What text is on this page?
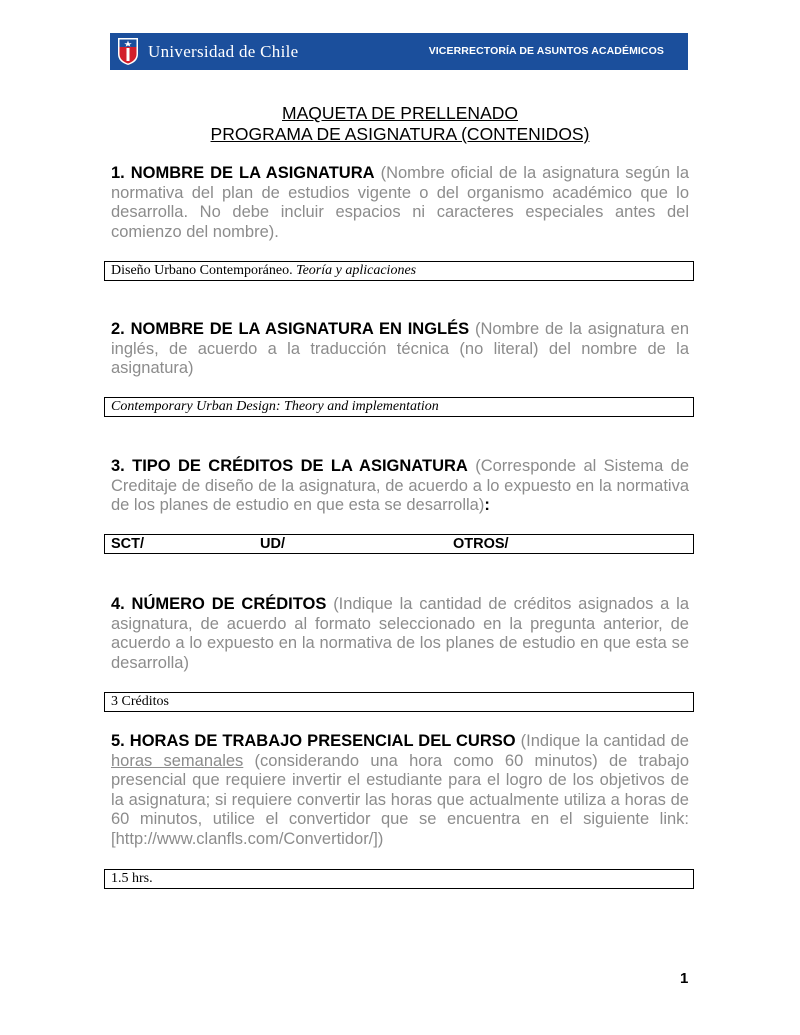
Universidad de Chile	VICERRECTORÍA DE ASUNTOS ACADÉMICOS
MAQUETA DE PRELLENADO
PROGRAMA DE ASIGNATURA (CONTENIDOS)
1. NOMBRE DE LA ASIGNATURA (Nombre oficial de la asignatura según la normativa del plan de estudios vigente o del organismo académico que lo desarrolla. No debe incluir espacios ni caracteres especiales antes del comienzo del nombre).
Diseño Urbano Contemporáneo. Teoría y aplicaciones
2. NOMBRE DE LA ASIGNATURA EN INGLÉS (Nombre de la asignatura en inglés, de acuerdo a la traducción técnica (no literal) del nombre de la asignatura)
Contemporary Urban Design: Theory and implementation
3. TIPO DE CRÉDITOS DE LA ASIGNATURA (Corresponde al Sistema de Creditaje de diseño de la asignatura, de acuerdo a lo expuesto en la normativa de los planes de estudio en que esta se desarrolla):
SCT/	UD/	OTROS/
4. NÚMERO DE CRÉDITOS (Indique la cantidad de créditos asignados a la asignatura, de acuerdo al formato seleccionado en la pregunta anterior, de acuerdo a lo expuesto en la normativa de los planes de estudio en que esta se desarrolla)
3 Créditos
5. HORAS DE TRABAJO PRESENCIAL DEL CURSO (Indique la cantidad de horas semanales (considerando una hora como 60 minutos) de trabajo presencial que requiere invertir el estudiante para el logro de los objetivos de la asignatura; si requiere convertir las horas que actualmente utiliza a horas de 60 minutos, utilice el convertidor que se encuentra en el siguiente link: [http://www.clanfls.com/Convertidor/])
1.5 hrs.
1
